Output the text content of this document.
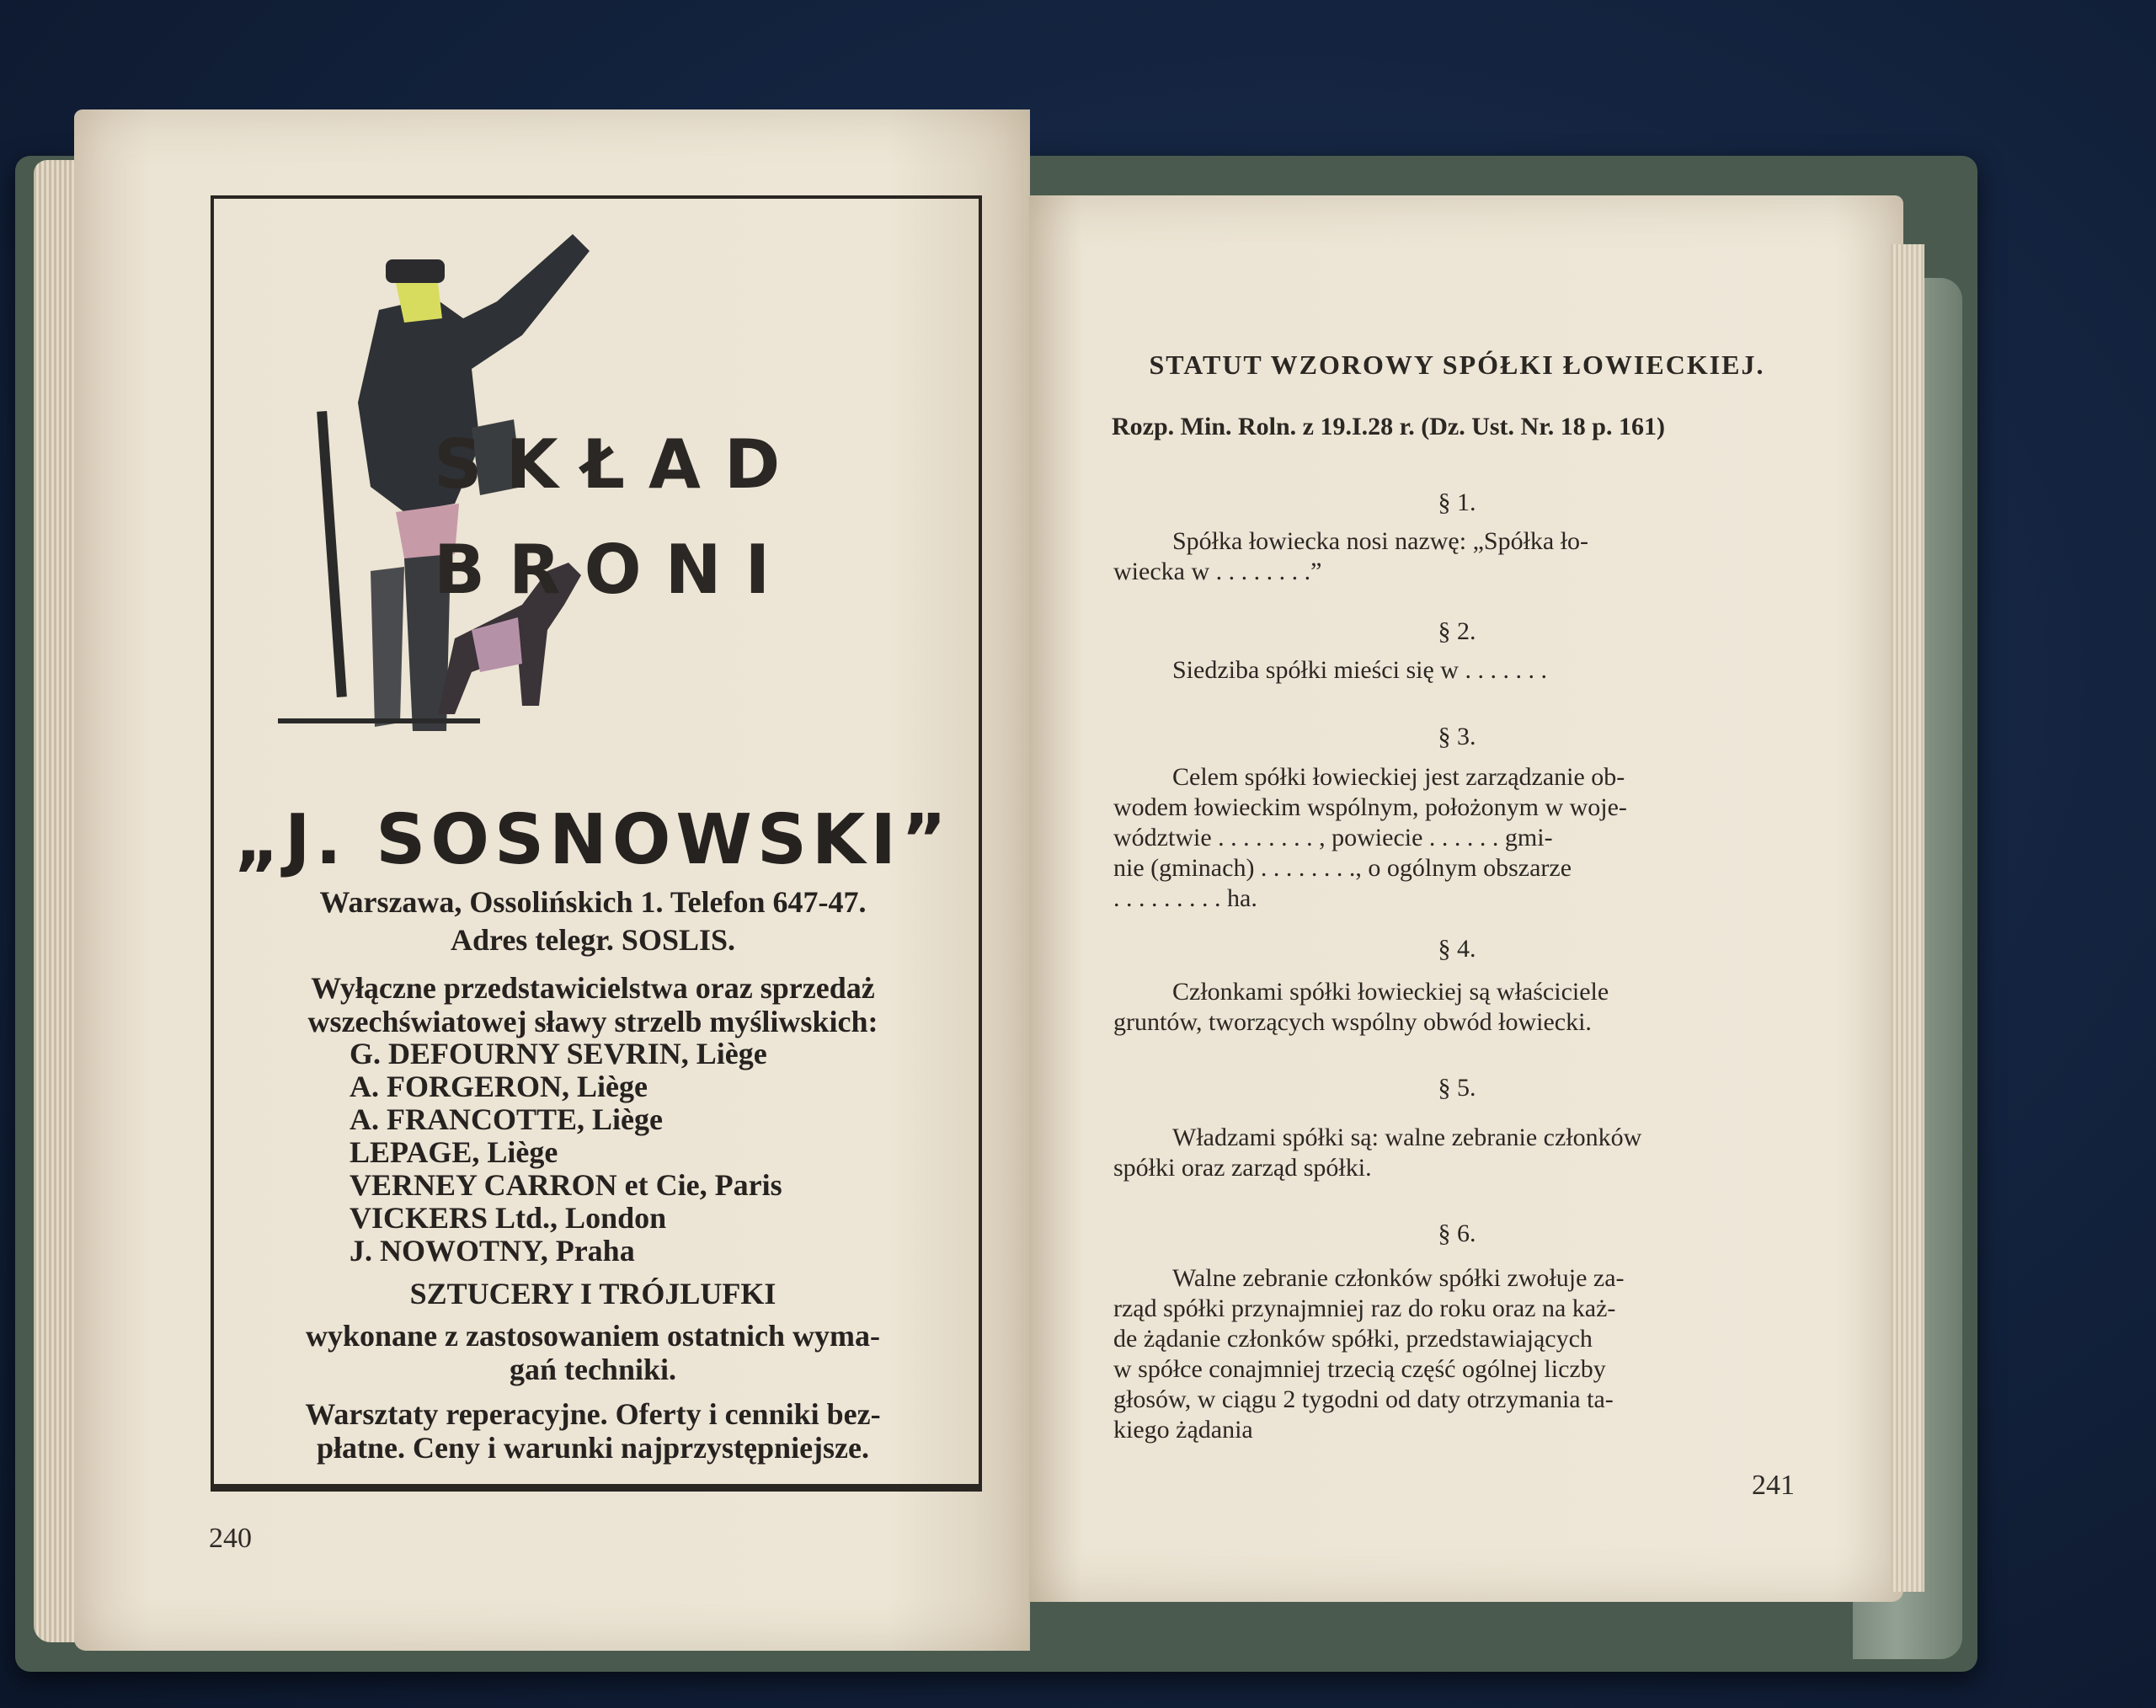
SKŁAD
BRONI
„J. SOSNOWSKI”
Warszawa, Ossolińskich 1. Telefon 647-47.
Adres telegr. SOSLIS.
Wyłączne przedstawicielstwa oraz sprzedaż
wszechświatowej sławy strzelb myśliwskich:
G. DEFOURNY SEVRIN, Liège
A. FORGERON, Liège
A. FRANCOTTE, Liège
LEPAGE, Liège
VERNEY CARRON et Cie, Paris
VICKERS Ltd., London
J. NOWOTNY, Praha
SZTUCERY I TRÓJLUFKI
wykonane z zastosowaniem ostatnich wyma-
gań techniki.
Warsztaty reperacyjne. Oferty i cenniki bez-
płatne. Ceny i warunki najprzystępniejsze.
240
STATUT WZOROWY SPÓŁKI ŁOWIECKIEJ.
Rozp. Min. Roln. z 19.I.28 r. (Dz. Ust. Nr. 18 p. 161)
§ 1.
Spółka łowiecka nosi nazwę: „Spółka ło-
wiecka w . . . . . . . .”
§ 2.
Siedziba spółki mieści się w . . . . . . .
§ 3.
Celem spółki łowieckiej jest zarządzanie ob-
wodem łowieckim wspólnym, położonym w woje-
wództwie . . . . . . . . , powiecie . . . . . . gmi-
nie (gminach) . . . . . . . ., o ogólnym obszarze
. . . . . . . . . ha.
§ 4.
Członkami spółki łowieckiej są właściciele
gruntów, tworzących wspólny obwód łowiecki.
§ 5.
Władzami spółki są: walne zebranie członków
spółki oraz zarząd spółki.
§ 6.
Walne zebranie członków spółki zwołuje za-
rząd spółki przynajmniej raz do roku oraz na każ-
de żądanie członków spółki, przedstawiających
w spółce conajmniej trzecią część ogólnej liczby
głosów, w ciągu 2 tygodni od daty otrzymania ta-
kiego żądania
241
